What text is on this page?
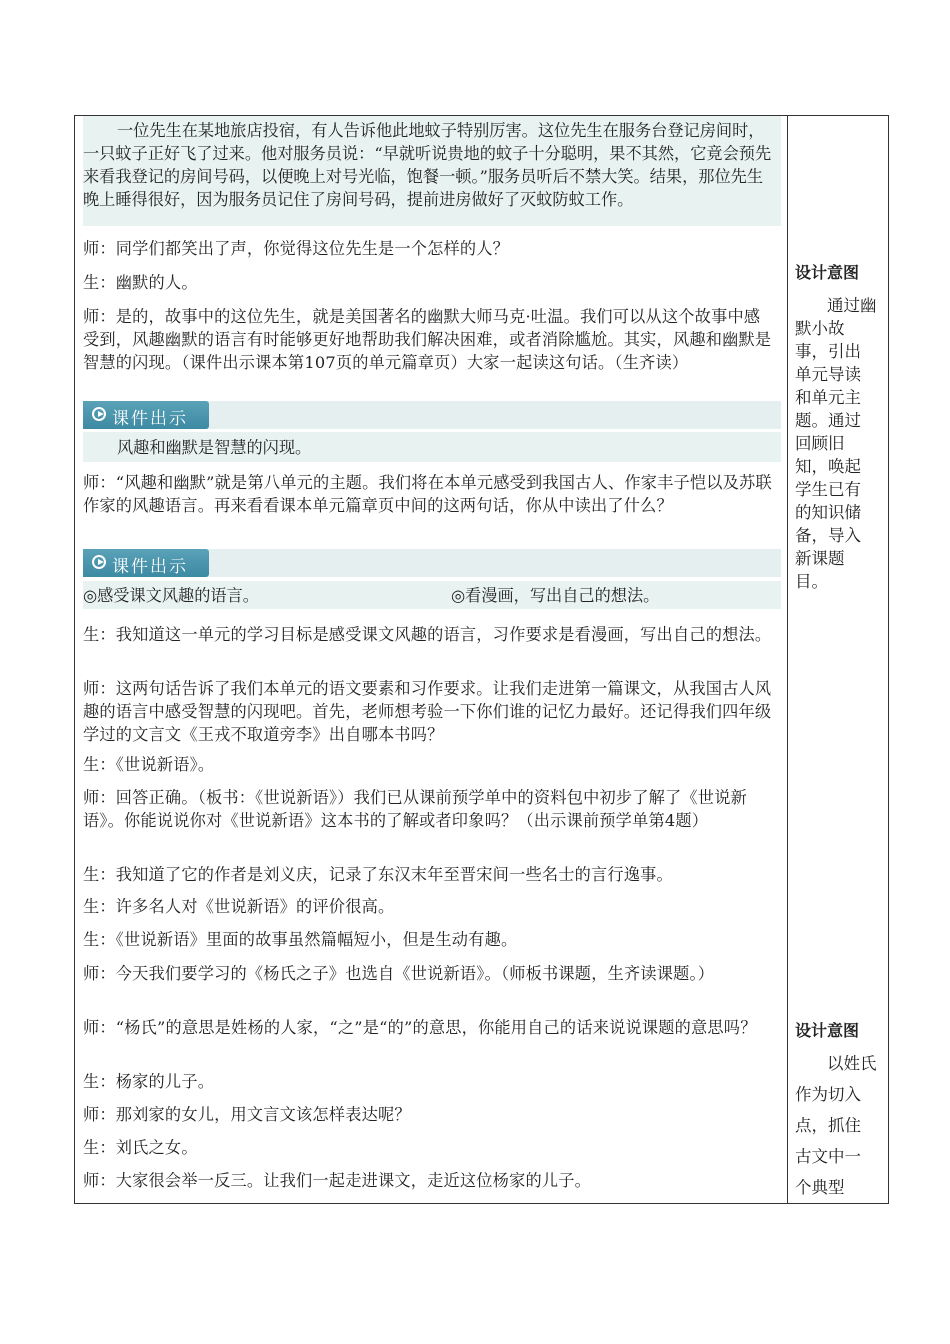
一位先生在某地旅店投宿，有人告诉他此地蚊子特别厉害。这位先生在服务台登记房间时，一只蚊子正好飞了过来。他对服务员说：“早就听说贵地的蚊子十分聪明，果不其然，它竟会预先来看我登记的房间号码，以便晚上对号光临，饱餐一顿。”服务员听后不禁大笑。结果，那位先生晚上睡得很好，因为服务员记住了房间号码，提前进房做好了灭蚊防蚊工作。
师：同学们都笑出了声，你觉得这位先生是一个怎样的人？
生：幽默的人。
师：是的，故事中的这位先生，就是美国著名的幽默大师马克·吐温。我们可以从这个故事中感受到，风趣幽默的语言有时能够更好地帮助我们解决困难，或者消除尴尬。其实，风趣和幽默是智慧的闪现。（课件出示课本第107页的单元篇章页）大家一起读这句话。（生齐读）
课件出示
风趣和幽默是智慧的闪现。
师：“风趣和幽默”就是第八单元的主题。我们将在本单元感受到我国古人、作家丰子恺以及苏联作家的风趣语言。再来看看课本单元篇章页中间的这两句话，你从中读出了什么？
课件出示
◎感受课文风趣的语言。	◎看漫画，写出自己的想法。
生：我知道这一单元的学习目标是感受课文风趣的语言，习作要求是看漫画，写出自己的想法。
师：这两句话告诉了我们本单元的语文要素和习作要求。让我们走进第一篇课文，从我国古人风趣的语言中感受智慧的闪现吧。首先，老师想考验一下你们谁的记忆力最好。还记得我们四年级学过的文言文《王戎不取道旁李》出自哪本书吗？
生：《世说新语》。
师：回答正确。（板书：《世说新语》）我们已从课前预学单中的资料包中初步了解了《世说新语》。你能说说你对《世说新语》这本书的了解或者印象吗？（出示课前预学单第4题）
生：我知道了它的作者是刘义庆，记录了东汉末年至晋宋间一些名士的言行逸事。
生：许多名人对《世说新语》的评价很高。
生：《世说新语》里面的故事虽然篇幅短小，但是生动有趣。
师：今天我们要学习的《杨氏之子》也选自《世说新语》。（师板书课题，生齐读课题。）
师：“杨氏”的意思是姓杨的人家，“之”是“的”的意思，你能用自己的话来说说课题的意思吗？
生：杨家的儿子。
师：那刘家的女儿，用文言文该怎样表达呢？
生：刘氏之女。
师：大家很会举一反三。让我们一起走进课文，走近这位杨家的儿子。
设计意图
通过幽默小故事，引出单元导读和单元主题。通过回顾旧知，唤起学生已有的知识储备，导入新课题目。
设计意图
以姓氏作为切入点，抓住古文中一个典型
